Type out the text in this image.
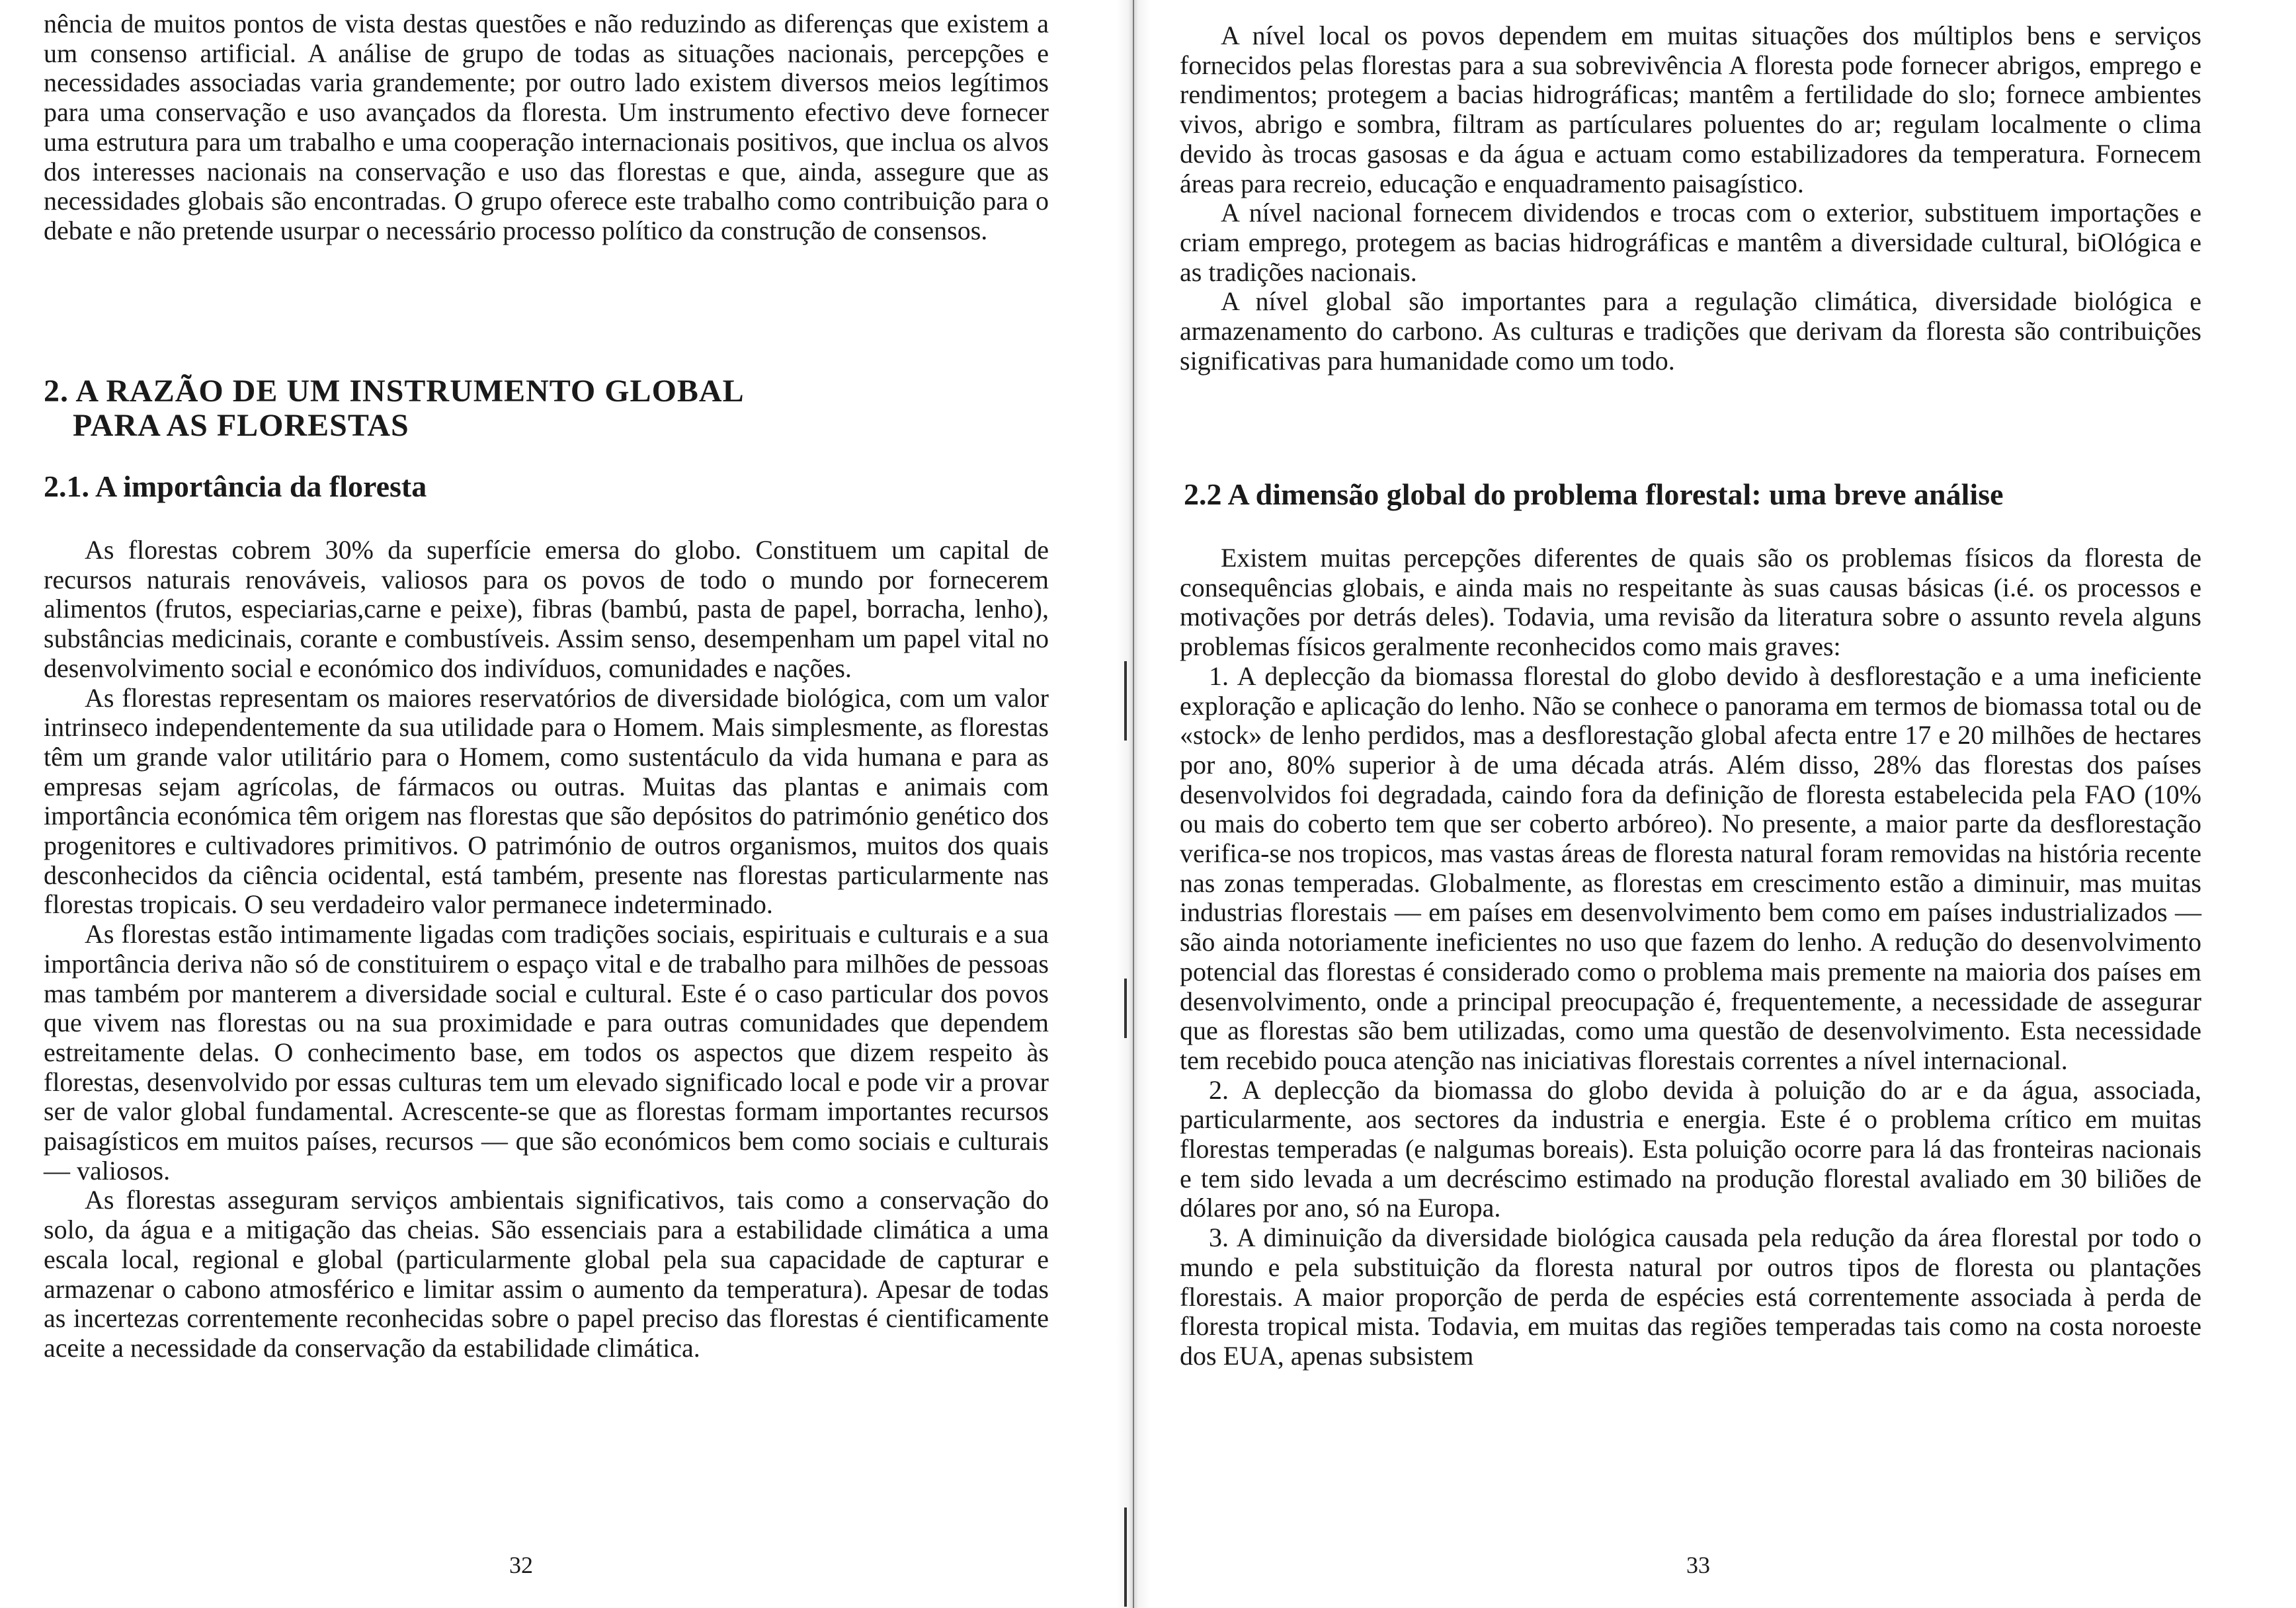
nência de muitos pontos de vista destas questões e não reduzindo as diferenças que existem a um consenso artificial. A análise de grupo de todas as situações nacionais, percepções e necessidades associadas varia grandemente; por outro lado existem diversos meios legítimos para uma conservação e uso avançados da floresta. Um instrumento efectivo deve fornecer uma estrutura para um trabalho e uma cooperação internacionais positivos, que inclua os alvos dos interesses nacionais na conservação e uso das florestas e que, ainda, assegure que as necessidades globais são encontradas. O grupo oferece este trabalho como contribuição para o debate e não pretende usurpar o necessário processo político da construção de consensos.

2. A RAZÃO DE UM INSTRUMENTO GLOBAL
PARA AS FLORESTAS
2.1. A importância da floresta

As florestas cobrem 30% da superfície emersa do globo. Constituem um capital de recursos naturais renováveis, valiosos para os povos de todo o mundo por fornecerem alimentos (frutos, especiarias,carne e peixe), fibras (bambú, pasta de papel, borracha, lenho), substâncias medicinais, corante e combustíveis. Assim senso, desempenham um papel vital no desenvolvimento social e económico dos indivíduos, comunidades e nações.

As florestas representam os maiores reservatórios de diversidade biológica, com um valor intrinseco independentemente da sua utilidade para o Homem. Mais simplesmente, as florestas têm um grande valor utilitário para o Homem, como sustentáculo da vida humana e para as empresas sejam agrícolas, de fármacos ou outras. Muitas das plantas e animais com importância económica têm origem nas florestas que são depósitos do património genético dos progenitores e cultivadores primitivos. O património de outros organismos, muitos dos quais desconhecidos da ciência ocidental, está também, presente nas florestas particularmente nas florestas tropicais. O seu verdadeiro valor permanece indeterminado.

As florestas estão intimamente ligadas com tradições sociais, espirituais e culturais e a sua importância deriva não só de constituirem o espaço vital e de trabalho para milhões de pessoas mas também por manterem a diversidade social e cultural. Este é o caso particular dos povos que vivem nas florestas ou na sua proximidade e para outras comunidades que dependem estreitamente delas. O conhecimento base, em todos os aspectos que dizem respeito às florestas, desenvolvido por essas culturas tem um elevado significado local e pode vir a provar ser de valor global fundamental. Acrescente-se que as florestas formam importantes recursos paisagísticos em muitos países, recursos — que são económicos bem como sociais e culturais — valiosos.

As florestas asseguram serviços ambientais significativos, tais como a conservação do solo, da água e a mitigação das cheias. São essenciais para a estabilidade climática a uma escala local, regional e global (particularmente global pela sua capacidade de capturar e armazenar o cabono atmosférico e limitar assim o aumento da temperatura). Apesar de todas as incertezas correntemente reconhecidas sobre o papel preciso das florestas é cientificamente aceite a necessidade da conservação da estabilidade climática.

32

A nível local os povos dependem em muitas situações dos múltiplos bens e serviços fornecidos pelas florestas para a sua sobrevivência A floresta pode fornecer abrigos, emprego e rendimentos; protegem a bacias hidrográficas; mantêm a fertilidade do slo; fornece ambientes vivos, abrigo e sombra, filtram as partículares poluentes do ar; regulam localmente o clima devido às trocas gasosas e da água e actuam como estabilizadores da temperatura. Fornecem áreas para recreio, educação e enquadramento paisagístico.

A nível nacional fornecem dividendos e trocas com o exterior, substituem importações e criam emprego, protegem as bacias hidrográficas e mantêm a diversidade cultural, biOlógica e as tradições nacionais.

A nível global são importantes para a regulação climática, diversidade biológica e armazenamento do carbono. As culturas e tradições que derivam da floresta são contribuições significativas para humanidade como um todo.

2.2 A dimensão global do problema florestal: uma breve análise

Existem muitas percepções diferentes de quais são os problemas físicos da floresta de consequências globais, e ainda mais no respeitante às suas causas básicas (i.é. os processos e motivações por detrás deles). Todavia, uma revisão da literatura sobre o assunto revela alguns problemas físicos geralmente reconhecidos como mais graves:

1. A deplecção da biomassa florestal do globo devido à desflorestação e a uma ineficiente exploração e aplicação do lenho. Não se conhece o panorama em termos de biomassa total ou de «stock» de lenho perdidos, mas a desflorestação global afecta entre 17 e 20 milhões de hectares por ano, 80% superior à de uma década atrás. Além disso, 28% das florestas dos países desenvolvidos foi degradada, caindo fora da definição de floresta estabelecida pela FAO (10% ou mais do coberto tem que ser coberto arbóreo). No presente, a maior parte da desflorestação verifica-se nos tropicos, mas vastas áreas de floresta natural foram removidas na história recente nas zonas temperadas. Globalmente, as florestas em crescimento estão a diminuir, mas muitas industrias florestais — em países em desenvolvimento bem como em países industrializados — são ainda notoriamente ineficientes no uso que fazem do lenho. A redução do desenvolvimento potencial das florestas é considerado como o problema mais premente na maioria dos países em desenvolvimento, onde a principal preocupação é, frequentemente, a necessidade de assegurar que as florestas são bem utilizadas, como uma questão de desenvolvimento. Esta necessidade tem recebido pouca atenção nas iniciativas florestais correntes a nível internacional.

2. A deplecção da biomassa do globo devida à poluição do ar e da água, associada, particularmente, aos sectores da industria e energia. Este é o problema crítico em muitas florestas temperadas (e nalgumas boreais). Esta poluição ocorre para lá das fronteiras nacionais e tem sido levada a um decréscimo estimado na produção florestal avaliado em 30 biliões de dólares por ano, só na Europa.

3. A diminuição da diversidade biológica causada pela redução da área florestal por todo o mundo e pela substituição da floresta natural por outros tipos de floresta ou plantações florestais. A maior proporção de perda de espécies está correntemente associada à perda de floresta tropical mista. Todavia, em muitas das regiões temperadas tais como na costa noroeste dos EUA, apenas subsistem

33
